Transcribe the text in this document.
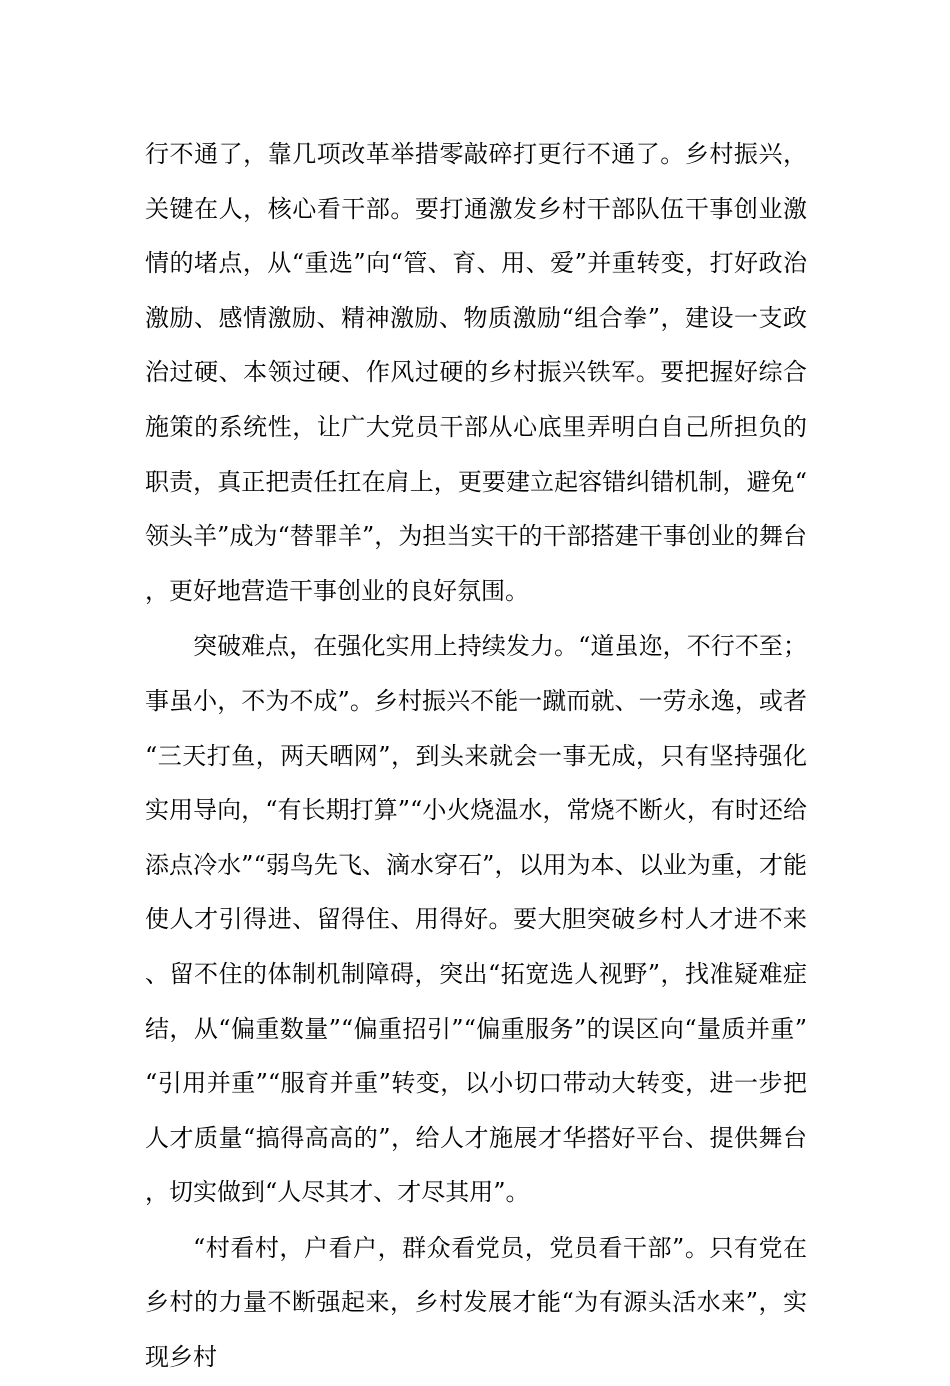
行不通了，靠几项改革举措零敲碎打更行不通了。乡村振兴，关键在人，核心看干部。要打通激发乡村干部队伍干事创业激情的堵点，从“重选”向“管、育、用、爱”并重转变，打好政治激励、感情激励、精神激励、物质激励“组合拳”，建设一支政治过硬、本领过硬、作风过硬的乡村振兴铁军。要把握好综合施策的系统性，让广大党员干部从心底里弄明白自己所担负的职责，真正把责任扛在肩上，更要建立起容错纠错机制，避免“领头羊”成为“替罪羊”，为担当实干的干部搭建干事创业的舞台，更好地营造干事创业的良好氛围。

突破难点，在强化实用上持续发力。“道虽迩，不行不至；事虽小，不为不成”。乡村振兴不能一蹴而就、一劳永逸，或者“三天打鱼，两天晒网”，到头来就会一事无成，只有坚持强化实用导向，“有长期打算”“小火烧温水，常烧不断火，有时还给添点冷水”“弱鸟先飞、滴水穿石”，以用为本、以业为重，才能使人才引得进、留得住、用得好。要大胆突破乡村人才进不来、留不住的体制机制障碍，突出“拓宽选人视野”，找准疑难症结，从“偏重数量”“偏重招引”“偏重服务”的误区向“量质并重”“引用并重”“服育并重”转变，以小切口带动大转变，进一步把人才质量“搞得高高的”，给人才施展才华搭好平台、提供舞台，切实做到“人尽其才、才尽其用”。

“村看村，户看户，群众看党员，党员看干部”。只有党在乡村的力量不断强起来，乡村发展才能“为有源头活水来”，实现乡村
